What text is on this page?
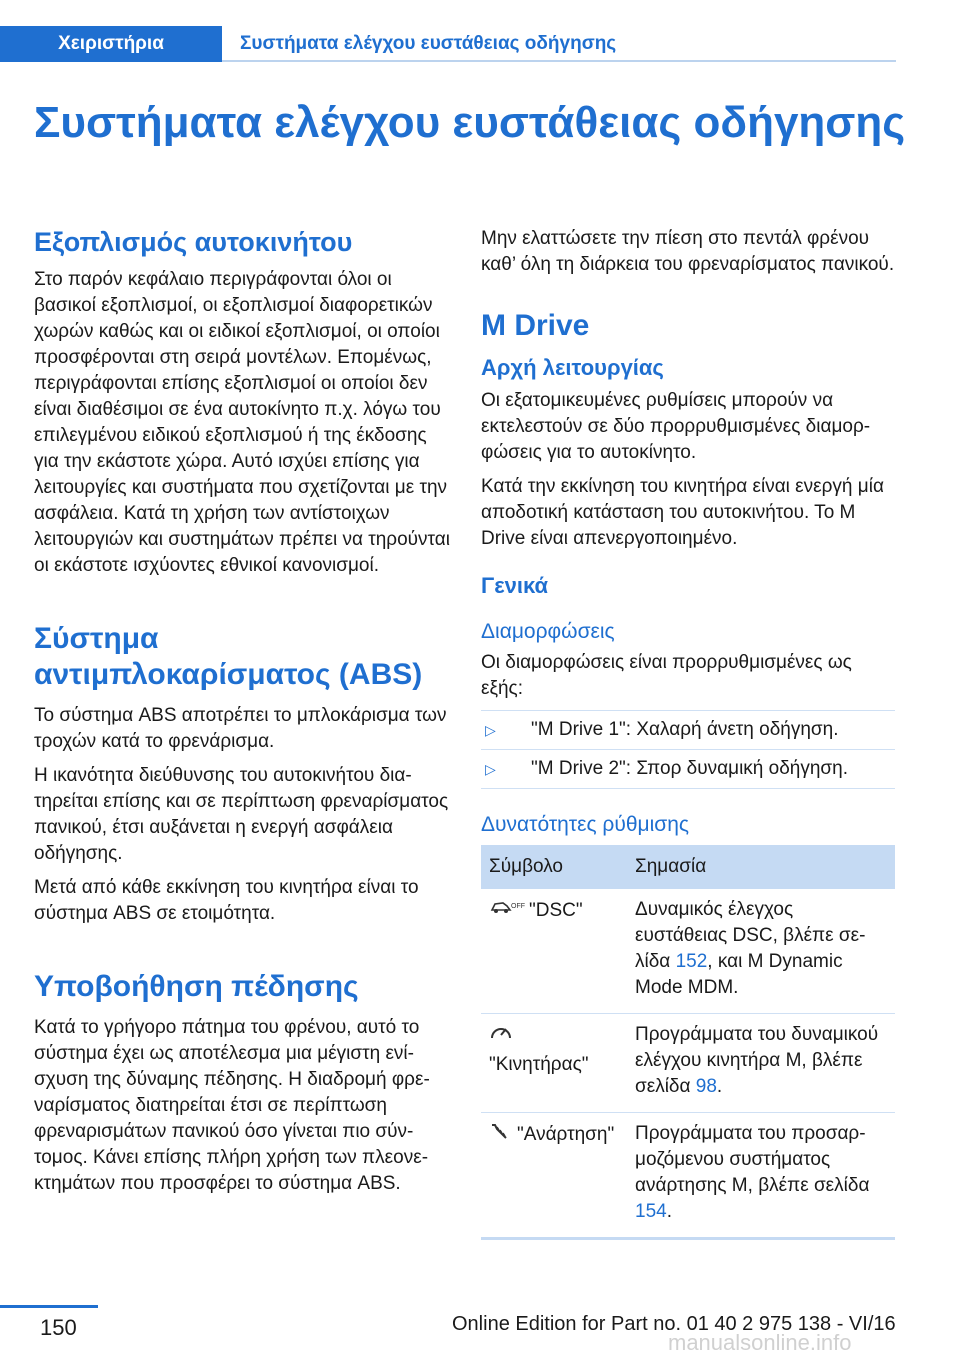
Χειριστήρια	Συστήματα ελέγχου ευστάθειας οδήγησης
Συστήματα ελέγχου ευστάθειας οδήγησης
Εξοπλισμός αυτοκινήτου

Στο παρόν κεφάλαιο περιγράφονται όλοι οι βασικοί εξοπλισμοί, οι εξοπλισμοί διαφορετικών χωρών καθώς και οι ειδικοί εξοπλισμοί, οι οποίοι προσφέρονται στη σειρά μοντέλων. Επομένως, περιγράφονται επίσης εξοπλισμοί οι οποίοι δεν είναι διαθέσιμοι σε ένα αυτοκίνητο π.χ. λόγω του επιλεγμένου ειδικού εξοπλισμού ή της έκδοσης για την εκάστοτε χώρα. Αυτό ισχύει επίσης για λειτουργίες και συστήματα που σχετίζονται με την ασφάλεια. Κατά τη χρήση των αντίστοιχων λειτουργιών και συστημάτων πρέπει να τηρούνται οι εκάστοτε ισχύοντες εθνικοί κανονισμοί.

Σύστημα αντιμπλοκαρίσματος (ABS)

Το σύστημα ABS αποτρέπει το μπλοκάρισμα των τροχών κατά το φρενάρισμα.

Η ικανότητα διεύθυνσης του αυτοκινήτου διατηρείται επίσης και σε περίπτωση φρεναρίσματος πανικού, έτσι αυξάνεται η ενεργή ασφάλεια οδήγησης.

Μετά από κάθε εκκίνηση του κινητήρα είναι το σύστημα ABS σε ετοιμότητα.

Υποβοήθηση πέδησης

Κατά το γρήγορο πάτημα του φρένου, αυτό το σύστημα έχει ως αποτέλεσμα μια μέγιστη ενίσχυση της δύναμης πέδησης. Η διαδρομή φρεναρίσματος διατηρείται έτσι σε περίπτωση φρεναρισμάτων πανικού όσο γίνεται πιο σύντομος. Κάνει επίσης πλήρη χρήση των πλεονεκτημάτων που προσφέρει το σύστημα ABS.

Μην ελαττώσετε την πίεση στο πεντάλ φρένου καθ’ όλη τη διάρκεια του φρεναρίσματος πανικού.

M Drive
Αρχή λειτουργίας

Οι εξατομικευμένες ρυθμίσεις μπορούν να εκτελεστούν σε δύο προρρυθμισμένες διαμορφώσεις για το αυτοκίνητο.

Κατά την εκκίνηση του κινητήρα είναι ενεργή μία αποδοτική κατάσταση του αυτοκινήτου. Το M Drive είναι απενεργοποιημένο.

Γενικά
Διαμορφώσεις

Οι διαμορφώσεις είναι προρρυθμισμένες ως εξής:

▷ "M Drive 1": Χαλαρή άνετη οδήγηση.
▷ "M Drive 2": Σπορ δυναμική οδήγηση.
Δυνατότητες ρύθμισης
Σύμβολο	Σημασία

OFF "DSC"	Δυναμικός έλεγχος ευστάθειας DSC, βλέπε σελίδα 152, και M Dynamic Mode MDM.

"Κινητήρας"	Προγράμματα του δυναμικού ελέγχου κινητήρα M, βλέπε σελίδα 98.
"Ανάρτηση"	Προγράμματα του προσαρμοζόμενου συστήματος ανάρτησης M, βλέπε σελίδα 154.
150	Online Edition for Part no. 01 40 2 975 138 - VI/16
manualsonline.info
